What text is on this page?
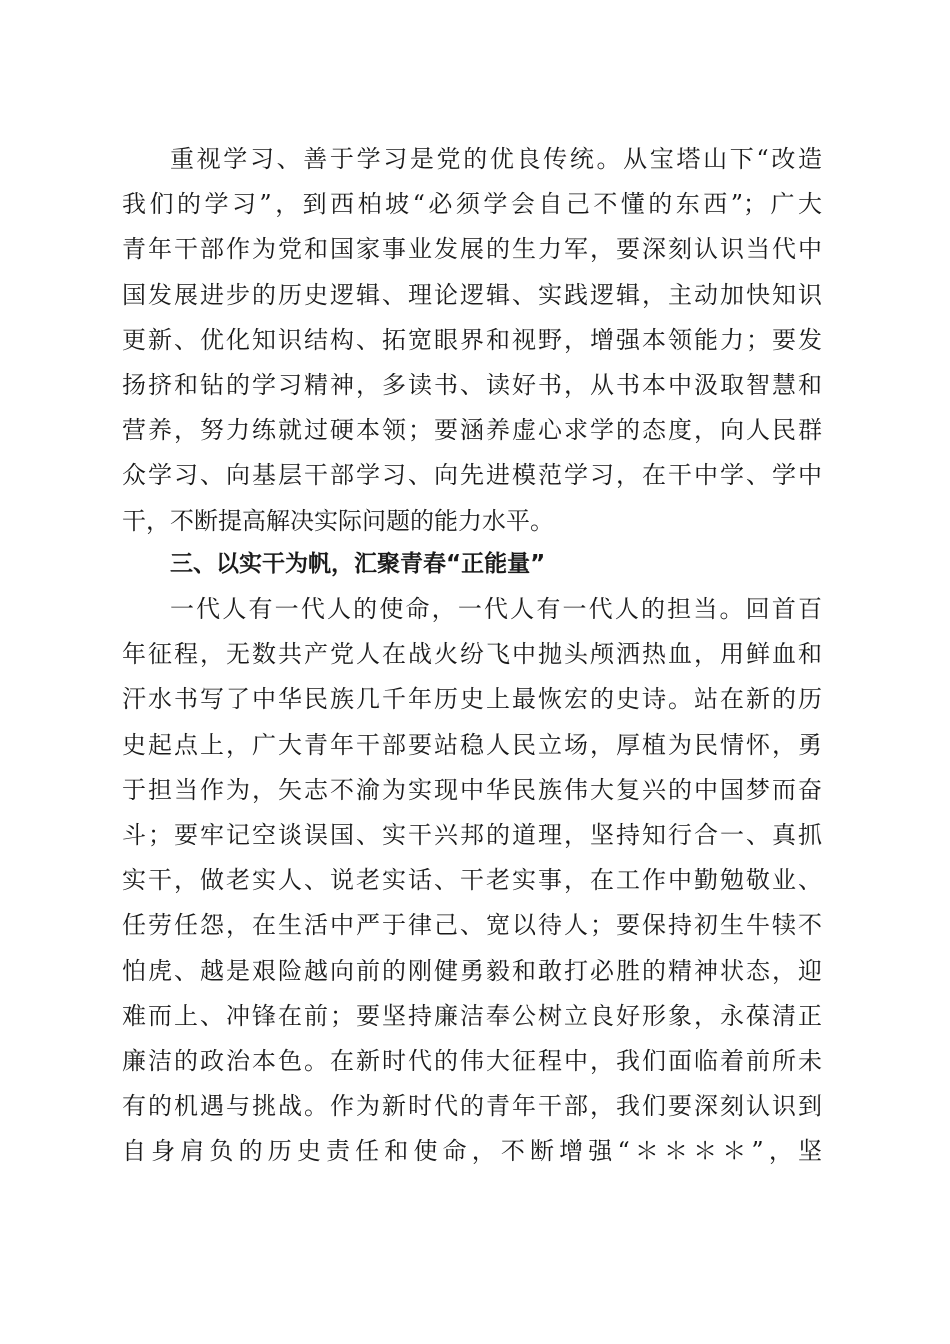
重视学习、善于学习是党的优良传统。从宝塔山下“改造
我们的学习”，到西柏坡“必须学会自己不懂的东西”；广大
青年干部作为党和国家事业发展的生力军，要深刻认识当代中
国发展进步的历史逻辑、理论逻辑、实践逻辑，主动加快知识
更新、优化知识结构、拓宽眼界和视野，增强本领能力；要发
扬挤和钻的学习精神，多读书、读好书，从书本中汲取智慧和
营养，努力练就过硬本领；要涵养虚心求学的态度，向人民群
众学习、向基层干部学习、向先进模范学习，在干中学、学中
干，不断提高解决实际问题的能力水平。
三、以实干为帆，汇聚青春“正能量”
一代人有一代人的使命，一代人有一代人的担当。回首百
年征程，无数共产党人在战火纷飞中抛头颅洒热血，用鲜血和
汗水书写了中华民族几千年历史上最恢宏的史诗。站在新的历
史起点上，广大青年干部要站稳人民立场，厚植为民情怀，勇
于担当作为，矢志不渝为实现中华民族伟大复兴的中国梦而奋
斗；要牢记空谈误国、实干兴邦的道理，坚持知行合一、真抓
实干，做老实人、说老实话、干老实事，在工作中勤勉敬业、
任劳任怨，在生活中严于律己、宽以待人；要保持初生牛犊不
怕虎、越是艰险越向前的刚健勇毅和敢打必胜的精神状态，迎
难而上、冲锋在前；要坚持廉洁奉公树立良好形象，永葆清正
廉洁的政治本色。在新时代的伟大征程中，我们面临着前所未
有的机遇与挑战。作为新时代的青年干部，我们要深刻认识到
自身肩负的历史责任和使命，不断增强“＊＊＊＊”，坚
